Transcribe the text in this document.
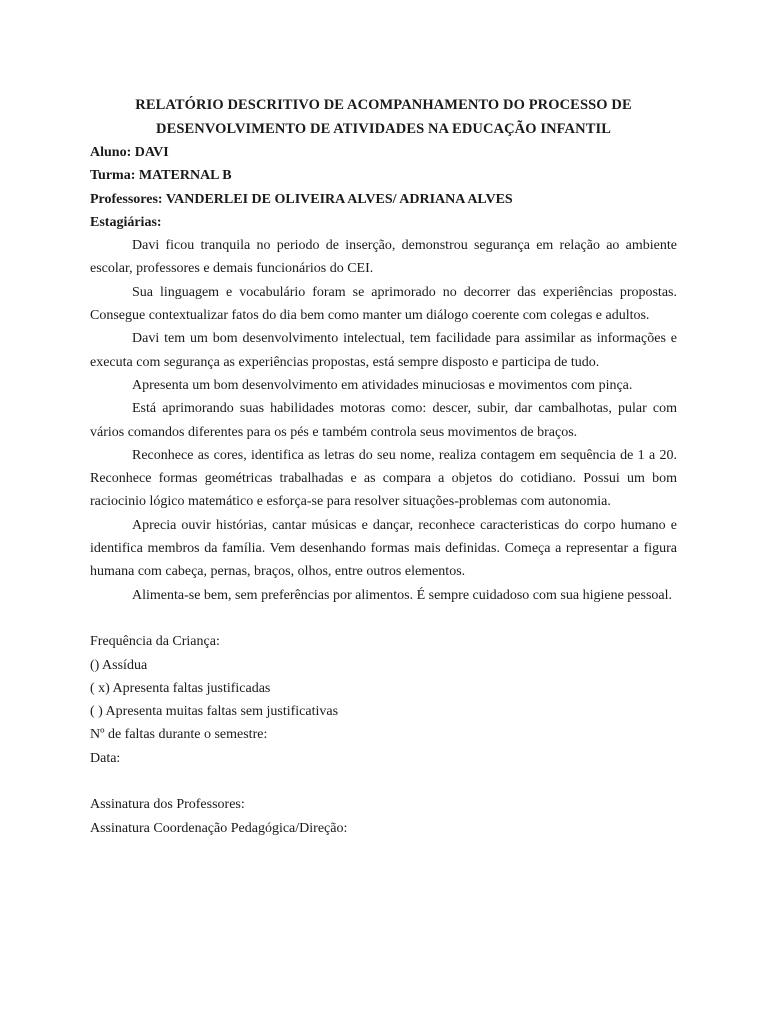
RELATÓRIO DESCRITIVO DE ACOMPANHAMENTO DO PROCESSO DE
DESENVOLVIMENTO DE ATIVIDADES NA EDUCAÇÃO INFANTIL
Aluno: DAVI
Turma: MATERNAL B
Professores: VANDERLEI DE OLIVEIRA ALVES/ ADRIANA ALVES
Estagiárias:

Davi ficou tranquila no periodo de inserção, demonstrou segurança em relação ao ambiente escolar, professores e demais funcionários do CEI.

Sua linguagem e vocabulário foram se aprimorado no decorrer das experiências propostas. Consegue contextualizar fatos do dia bem como manter um diálogo coerente com colegas e adultos.

Davi tem um bom desenvolvimento intelectual, tem facilidade para assimilar as informações e executa com segurança as experiências propostas, está sempre disposto e participa de tudo.

Apresenta um bom desenvolvimento em atividades minuciosas e movimentos com pinça.

Está aprimorando suas habilidades motoras como: descer, subir, dar cambalhotas, pular com vários comandos diferentes para os pés e também controla seus movimentos de braços.

Reconhece as cores, identifica as letras do seu nome, realiza contagem em sequência de 1 a 20. Reconhece formas geométricas trabalhadas e as compara a objetos do cotidiano. Possui um bom raciocinio lógico matemático e esforça-se para resolver situações-problemas com autonomia.

Aprecia ouvir histórias, cantar músicas e dançar, reconhece caracteristicas do corpo humano e identifica membros da família. Vem desenhando formas mais definidas. Começa a representar a figura humana com cabeça, pernas, braços, olhos, entre outros elementos.

Alimenta-se bem, sem preferências por alimentos. É sempre cuidadoso com sua higiene pessoal.

Frequência da Criança:

() Assídua

( x) Apresenta faltas justificadas

( ) Apresenta muitas faltas sem justificativas

Nº de faltas durante o semestre:

Data:

Assinatura dos Professores:

Assinatura Coordenação Pedagógica/Direção:
